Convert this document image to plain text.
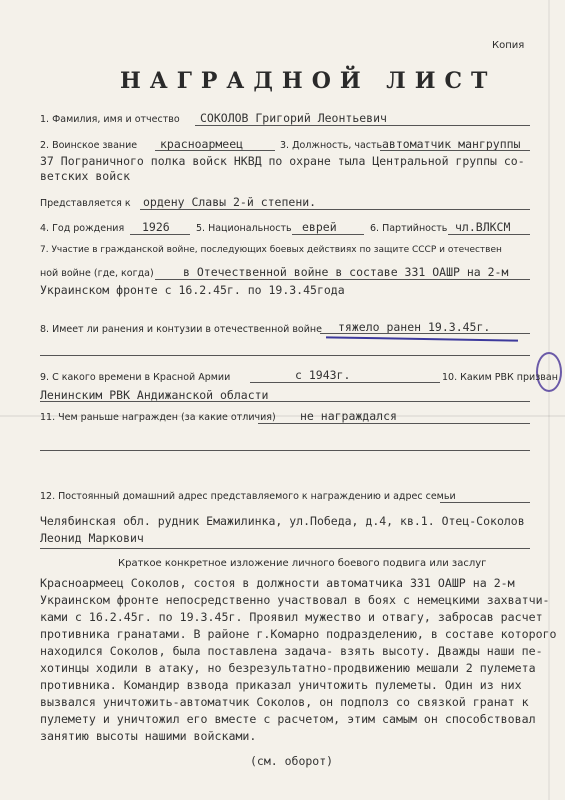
Копия
НАГРАДНОЙ ЛИСТ
1. Фамилия, имя и отчество СОКОЛОВ Григорий Леонтьевич
2. Воинское звание красноармеец	3. Должность, часть автоматчик мангруппы
37 Пограничного полка войск НКВД по охране тыла Центральной группы со-
ветских войск
Представляется к ордену Славы 2-й степени.
4. Год рождения 1926	5. Национальность еврей	6. Партийность чл.ВЛКСМ
7. Участие в гражданской войне, последующих боевых действиях по защите СССР и отечествен
ной войне (где, когда)	в Отечественной войне в составе 331 ОАШР на 2-м
Украинском фронте с 16.2.45г. по 19.3.45года
8. Имеет ли ранения и контузии в отечественной войне тяжело ранен 19.3.45г.
9. С какого времени в Красной Армии	с 1943г.	10. Каким РВК призван
Ленинским РВК Андижанской области
11. Чем раньше награжден (за какие отличия) не награждался
12. Постоянный домашний адрес представляемого к награждению и адрес семьи
Челябинская обл. рудник Емажилинка, ул.Победа, д.4, кв.1. Отец-Соколов
Леонид Маркович
Краткое конкретное изложение личного боевого подвига или заслуг
Красноармеец Соколов, состоя в должности автоматчика 331 ОАШР на 2-м
Украинском фронте непосредственно участвовал в боях с немецкими захватчи-
ками с 16.2.45г. по 19.3.45г. Проявил мужество и отвагу, забросав расчет
противника гранатами. В районе г.Комарно подразделению, в составе которого
находился Соколов, была поставлена задача- взять высоту. Дважды наши пе-
хотинцы ходили в атаку, но безрезультатно-продвижению мешали 2 пулемета
противника. Командир взвода приказал уничтожить пулеметы. Один из них
вызвался уничтожить-автоматчик Соколов, он подполз со связкой гранат к
пулемету и уничтожил его вместе с расчетом, этим самым он способствовал
занятию высоты нашими войсками.
(см. оборот)
